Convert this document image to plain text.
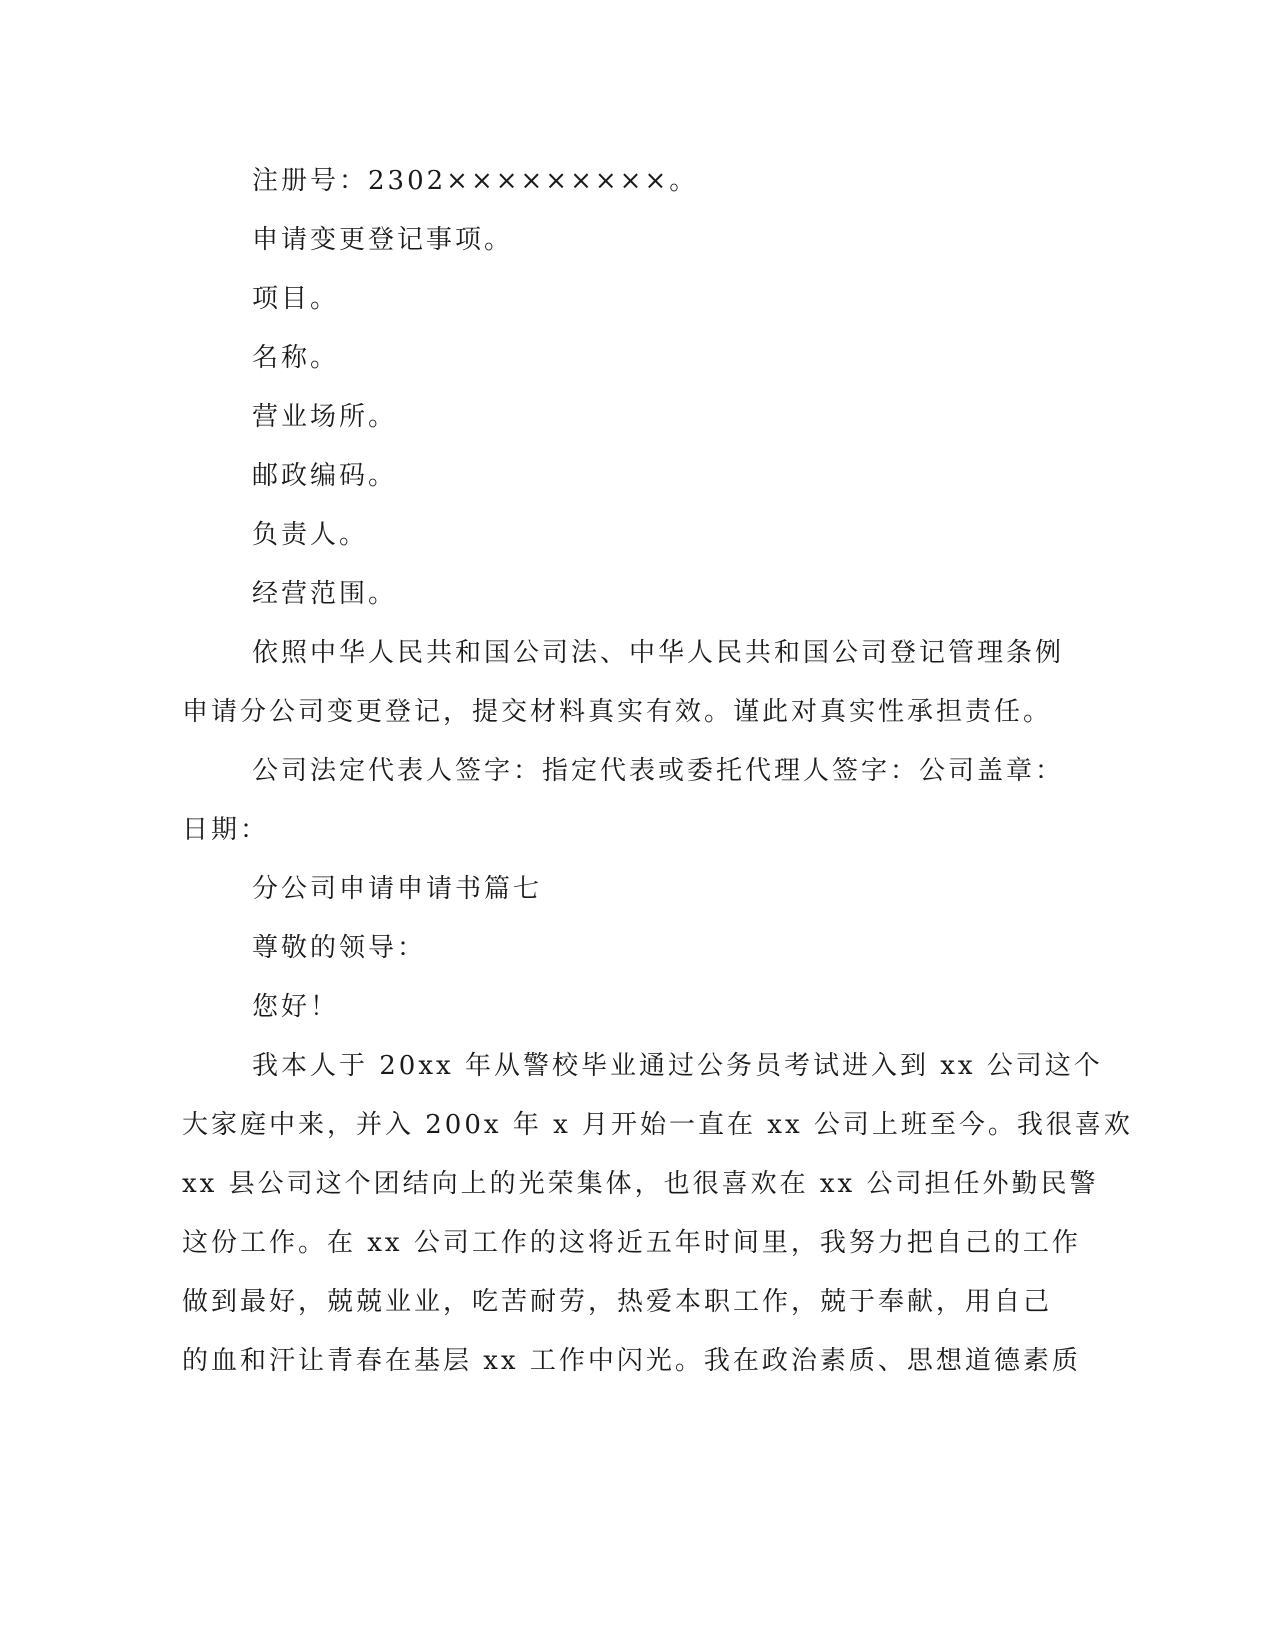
注册号：2302×××××××××。
申请变更登记事项。
项目。
名称。
营业场所。
邮政编码。
负责人。
经营范围。
依照中华人民共和国公司法、中华人民共和国公司登记管理条例
申请分公司变更登记，提交材料真实有效。谨此对真实性承担责任。
公司法定代表人签字：指定代表或委托代理人签字：公司盖章：
日期：
分公司申请申请书篇七
尊敬的领导：
您好！
我本人于 20xx 年从警校毕业通过公务员考试进入到 xx 公司这个
大家庭中来，并入 200x 年 x 月开始一直在 xx 公司上班至今。我很喜欢
xx 县公司这个团结向上的光荣集体，也很喜欢在 xx 公司担任外勤民警
这份工作。在 xx 公司工作的这将近五年时间里，我努力把自己的工作
做到最好，兢兢业业，吃苦耐劳，热爱本职工作，兢于奉献，用自己
的血和汗让青春在基层 xx 工作中闪光。我在政治素质、思想道德素质
